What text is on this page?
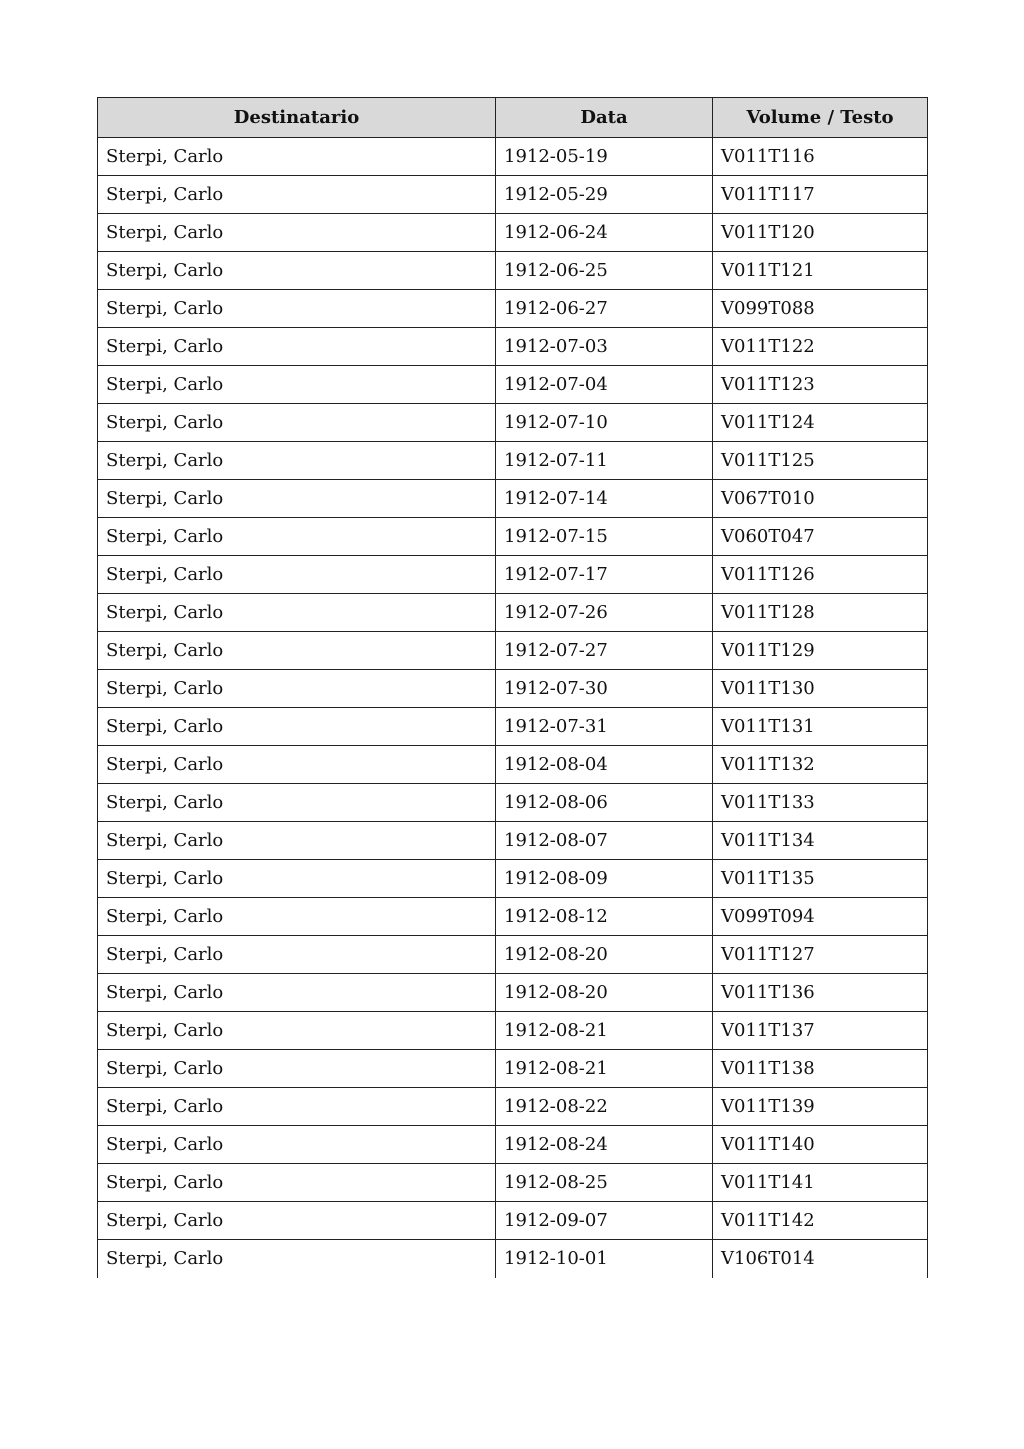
Destinatario	Data	Volume / Testo
Sterpi, Carlo	1912-05-19	V011T116
Sterpi, Carlo	1912-05-29	V011T117
Sterpi, Carlo	1912-06-24	V011T120
Sterpi, Carlo	1912-06-25	V011T121
Sterpi, Carlo	1912-06-27	V099T088
Sterpi, Carlo	1912-07-03	V011T122
Sterpi, Carlo	1912-07-04	V011T123
Sterpi, Carlo	1912-07-10	V011T124
Sterpi, Carlo	1912-07-11	V011T125
Sterpi, Carlo	1912-07-14	V067T010
Sterpi, Carlo	1912-07-15	V060T047
Sterpi, Carlo	1912-07-17	V011T126
Sterpi, Carlo	1912-07-26	V011T128
Sterpi, Carlo	1912-07-27	V011T129
Sterpi, Carlo	1912-07-30	V011T130
Sterpi, Carlo	1912-07-31	V011T131
Sterpi, Carlo	1912-08-04	V011T132
Sterpi, Carlo	1912-08-06	V011T133
Sterpi, Carlo	1912-08-07	V011T134
Sterpi, Carlo	1912-08-09	V011T135
Sterpi, Carlo	1912-08-12	V099T094
Sterpi, Carlo	1912-08-20	V011T127
Sterpi, Carlo	1912-08-20	V011T136
Sterpi, Carlo	1912-08-21	V011T137
Sterpi, Carlo	1912-08-21	V011T138
Sterpi, Carlo	1912-08-22	V011T139
Sterpi, Carlo	1912-08-24	V011T140
Sterpi, Carlo	1912-08-25	V011T141
Sterpi, Carlo	1912-09-07	V011T142
Sterpi, Carlo	1912-10-01	V106T014
